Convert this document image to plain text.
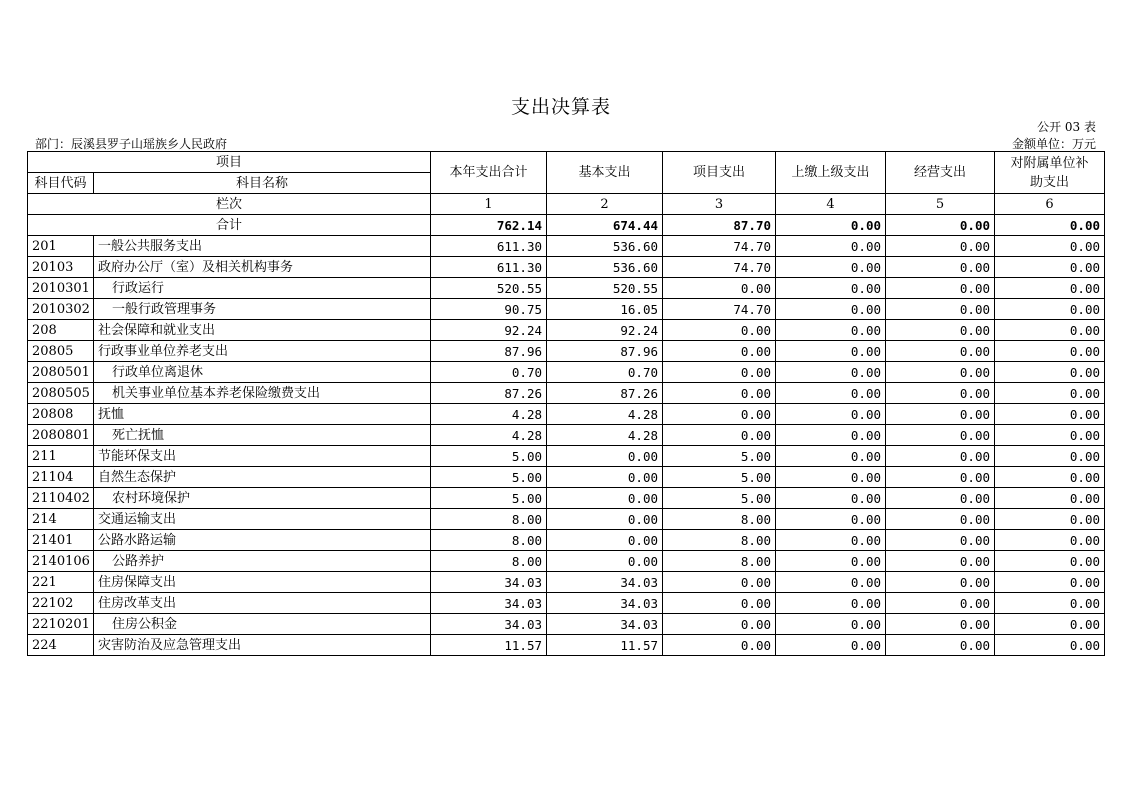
支出决算表
公开 03 表
部门：辰溪县罗子山瑶族乡人民政府	金额单位：万元
项目		本年支出合计	基本支出	项目支出	上缴上级支出	经营支出	对附属单位补助支出
科目代码	科目名称						
栏次		1	2	3	4	5	6
合计		762.14	674.44	87.70	0.00	0.00	0.00
201	一般公共服务支出	611.30	536.60	74.70	0.00	0.00	0.00
20103	政府办公厅（室）及相关机构事务	611.30	536.60	74.70	0.00	0.00	0.00
2010301	行政运行	520.55	520.55	0.00	0.00	0.00	0.00
2010302	一般行政管理事务	90.75	16.05	74.70	0.00	0.00	0.00
208	社会保障和就业支出	92.24	92.24	0.00	0.00	0.00	0.00
20805	行政事业单位养老支出	87.96	87.96	0.00	0.00	0.00	0.00
2080501	行政单位离退休	0.70	0.70	0.00	0.00	0.00	0.00
2080505	机关事业单位基本养老保险缴费支出	87.26	87.26	0.00	0.00	0.00	0.00
20808	抚恤	4.28	4.28	0.00	0.00	0.00	0.00
2080801	死亡抚恤	4.28	4.28	0.00	0.00	0.00	0.00
211	节能环保支出	5.00	0.00	5.00	0.00	0.00	0.00
21104	自然生态保护	5.00	0.00	5.00	0.00	0.00	0.00
2110402	农村环境保护	5.00	0.00	5.00	0.00	0.00	0.00
214	交通运输支出	8.00	0.00	8.00	0.00	0.00	0.00
21401	公路水路运输	8.00	0.00	8.00	0.00	0.00	0.00
2140106	公路养护	8.00	0.00	8.00	0.00	0.00	0.00
221	住房保障支出	34.03	34.03	0.00	0.00	0.00	0.00
22102	住房改革支出	34.03	34.03	0.00	0.00	0.00	0.00
2210201	住房公积金	34.03	34.03	0.00	0.00	0.00	0.00
224	灾害防治及应急管理支出	11.57	11.57	0.00	0.00	0.00	0.00
